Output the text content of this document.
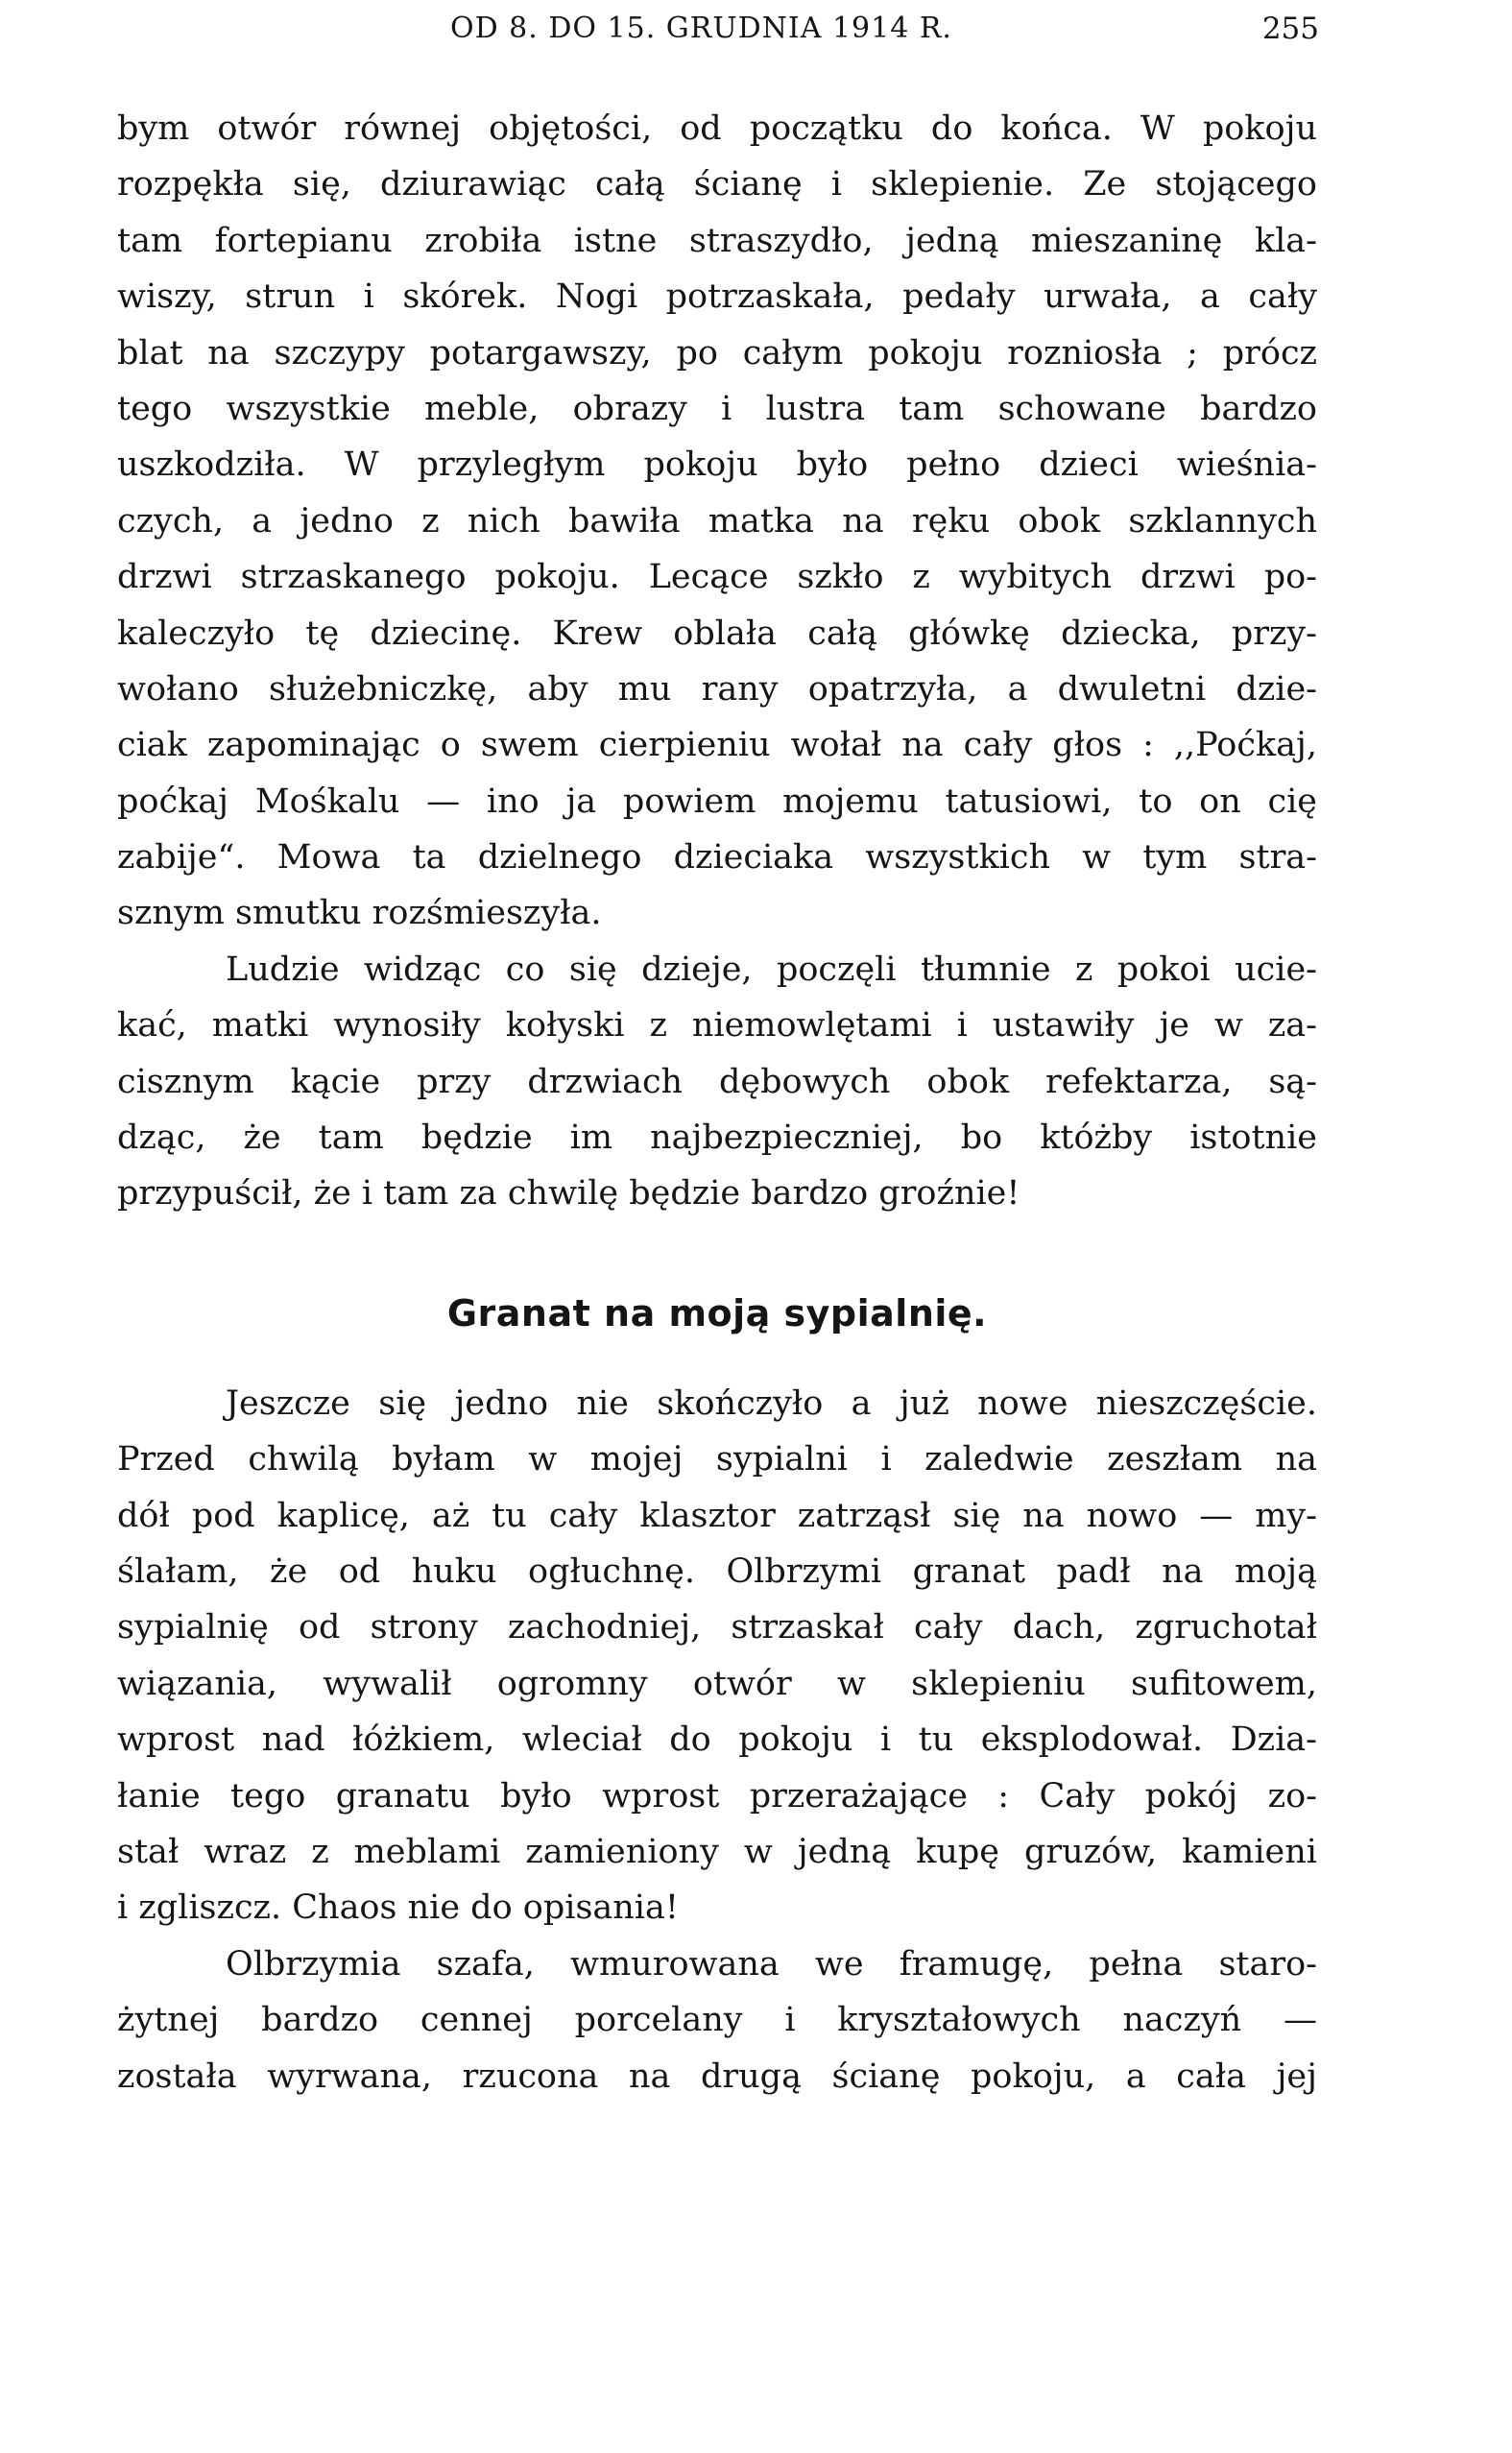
OD 8. DO 15. GRUDNIA 1914 R.	255
bym otwór równej objętości, od początku do końca. W pokoju
rozpękła się, dziurawiąc całą ścianę i sklepienie. Ze stojącego
tam fortepianu zrobiła istne straszydło, jedną mieszaninę kla-
wiszy, strun i skórek. Nogi potrzaskała, pedały urwała, a cały
blat na szczypy potargawszy, po całym pokoju rozniosła ; prócz
tego wszystkie meble, obrazy i lustra tam schowane bardzo
uszkodziła. W przyległym pokoju było pełno dzieci wieśnia-
czych, a jedno z nich bawiła matka na ręku obok szklannych
drzwi strzaskanego pokoju. Lecące szkło z wybitych drzwi po-
kaleczyło tę dziecinę. Krew oblała całą główkę dziecka, przy-
wołano służebniczkę, aby mu rany opatrzyła, a dwuletni dzie-
ciak zapominając o swem cierpieniu wołał na cały głos : ,,Poćkaj,
poćkaj Mośkalu — ino ja powiem mojemu tatusiowi, to on cię
zabije“. Mowa ta dzielnego dzieciaka wszystkich w tym stra-
sznym smutku rozśmieszyła.
Ludzie widząc co się dzieje, poczęli tłumnie z pokoi ucie-
kać, matki wynosiły kołyski z niemowlętami i ustawiły je w za-
cisznym kącie przy drzwiach dębowych obok refektarza, są-
dząc, że tam będzie im najbezpieczniej, bo któżby istotnie
przypuścił, że i tam za chwilę będzie bardzo groźnie!
Granat na moją sypialnię.
Jeszcze się jedno nie skończyło a już nowe nieszczęście.
Przed chwilą byłam w mojej sypialni i zaledwie zeszłam na
dół pod kaplicę, aż tu cały klasztor zatrząsł się na nowo — my-
ślałam, że od huku ogłuchnę. Olbrzymi granat padł na moją
sypialnię od strony zachodniej, strzaskał cały dach, zgruchotał
wiązania, wywalił ogromny otwór w sklepieniu sufitowem,
wprost nad łóżkiem, wleciał do pokoju i tu eksplodował. Dzia-
łanie tego granatu było wprost przerażające : Cały pokój zo-
stał wraz z meblami zamieniony w jedną kupę gruzów, kamieni
i zgliszcz. Chaos nie do opisania!
Olbrzymia szafa, wmurowana we framugę, pełna staro-
żytnej bardzo cennej porcelany i kryształowych naczyń —
została wyrwana, rzucona na drugą ścianę pokoju, a cała jej
